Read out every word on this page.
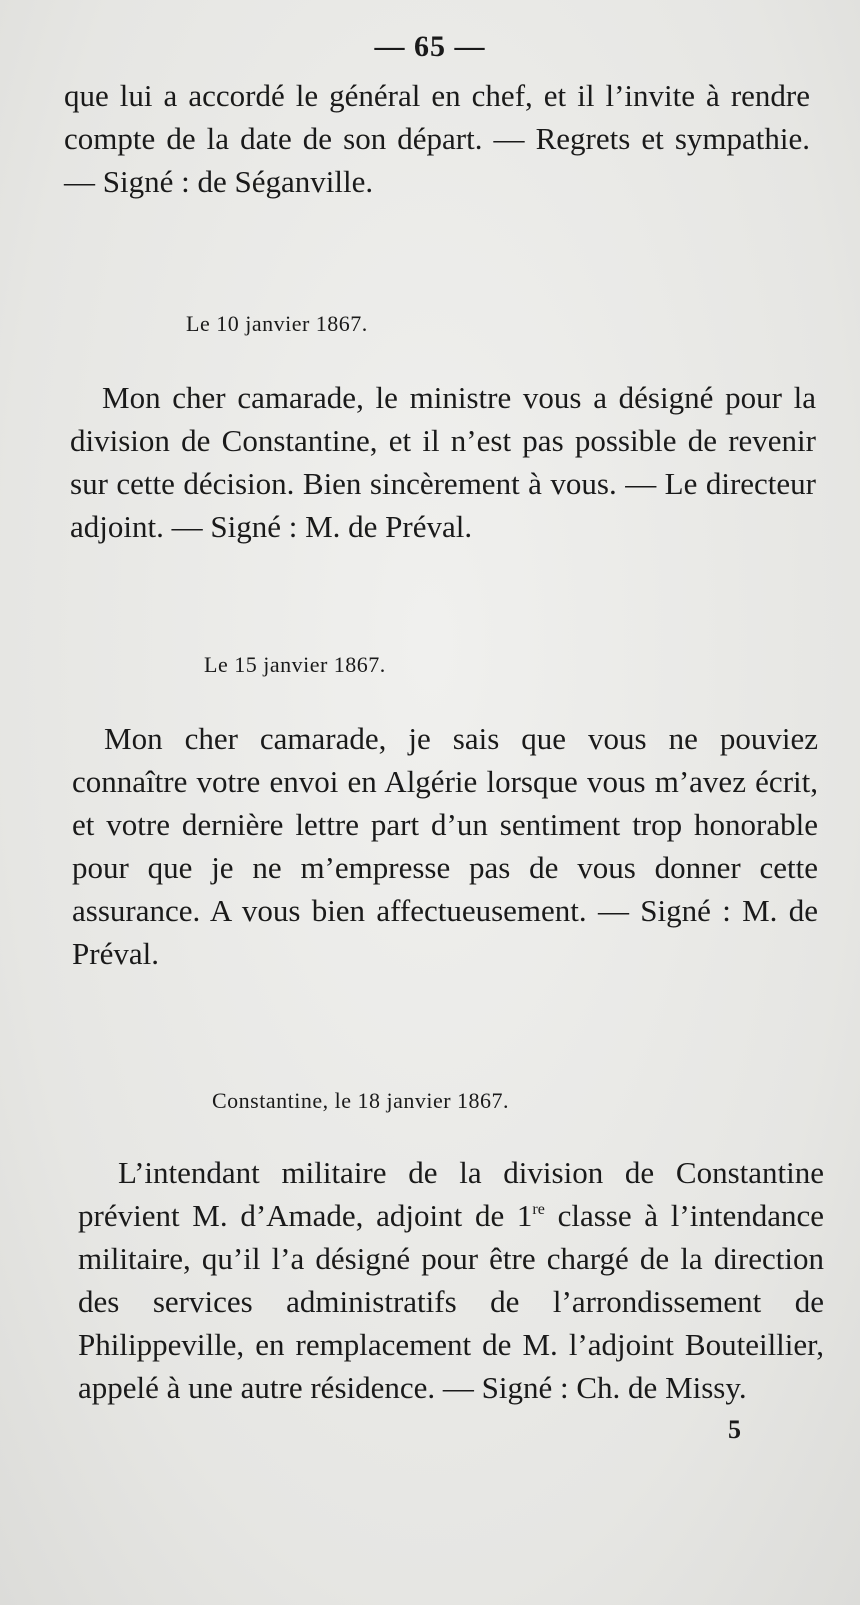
— 65 —

que lui a accordé le général en chef, et il l’invite à rendre compte de la date de son départ. — Regrets et sympathie. — Signé : de Séganville.

Le 10 janvier 1867.

Mon cher camarade, le ministre vous a désigné pour la division de Constantine, et il n’est pas possible de revenir sur cette décision. Bien sincèrement à vous. — Le directeur adjoint. — Signé : M. de Préval.

Le 15 janvier 1867.

Mon cher camarade, je sais que vous ne pouviez connaître votre envoi en Algérie lorsque vous m’avez écrit, et votre dernière lettre part d’un sentiment trop honorable pour que je ne m’empresse pas de vous donner cette assurance. A vous bien affectueusement. — Signé : M. de Préval.

Constantine, le 18 janvier 1867.

L’intendant militaire de la division de Constantine prévient M. d’Amade, adjoint de 1re classe à l’intendance militaire, qu’il l’a désigné pour être chargé de la direction des services administratifs de l’arrondissement de Philippeville, en remplacement de M. l’adjoint Bouteillier, appelé à une autre résidence. — Signé : Ch. de Missy.

5
